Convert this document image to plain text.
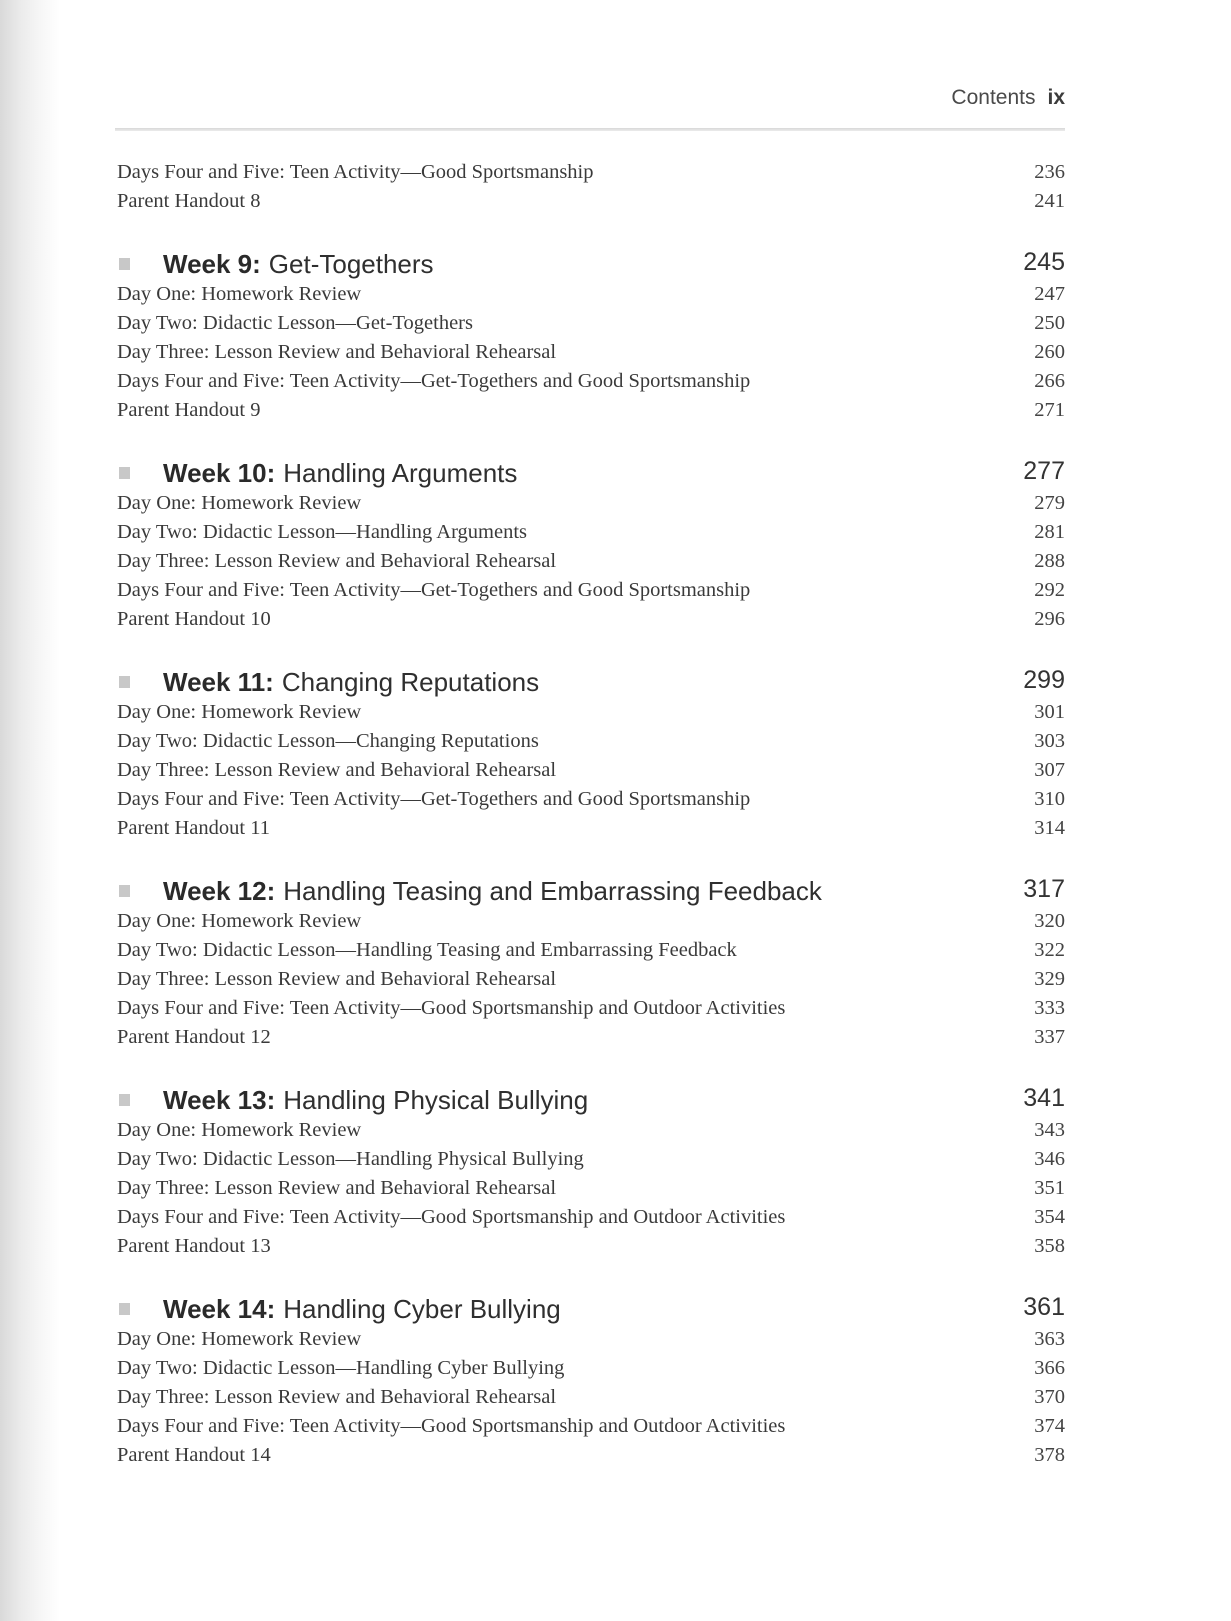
Contents ix
Days Four and Five: Teen Activity—Good Sportsmanship	236
Parent Handout 8	241
Week 9: Get-Togethers	245
Day One: Homework Review	247
Day Two: Didactic Lesson—Get-Togethers	250
Day Three: Lesson Review and Behavioral Rehearsal	260
Days Four and Five: Teen Activity—Get-Togethers and Good Sportsmanship	266
Parent Handout 9	271
Week 10: Handling Arguments	277
Day One: Homework Review	279
Day Two: Didactic Lesson—Handling Arguments	281
Day Three: Lesson Review and Behavioral Rehearsal	288
Days Four and Five: Teen Activity—Get-Togethers and Good Sportsmanship	292
Parent Handout 10	296
Week 11: Changing Reputations	299
Day One: Homework Review	301
Day Two: Didactic Lesson—Changing Reputations	303
Day Three: Lesson Review and Behavioral Rehearsal	307
Days Four and Five: Teen Activity—Get-Togethers and Good Sportsmanship	310
Parent Handout 11	314
Week 12: Handling Teasing and Embarrassing Feedback	317
Day One: Homework Review	320
Day Two: Didactic Lesson—Handling Teasing and Embarrassing Feedback	322
Day Three: Lesson Review and Behavioral Rehearsal	329
Days Four and Five: Teen Activity—Good Sportsmanship and Outdoor Activities	333
Parent Handout 12	337
Week 13: Handling Physical Bullying	341
Day One: Homework Review	343
Day Two: Didactic Lesson—Handling Physical Bullying	346
Day Three: Lesson Review and Behavioral Rehearsal	351
Days Four and Five: Teen Activity—Good Sportsmanship and Outdoor Activities	354
Parent Handout 13	358
Week 14: Handling Cyber Bullying	361
Day One: Homework Review	363
Day Two: Didactic Lesson—Handling Cyber Bullying	366
Day Three: Lesson Review and Behavioral Rehearsal	370
Days Four and Five: Teen Activity—Good Sportsmanship and Outdoor Activities	374
Parent Handout 14	378
